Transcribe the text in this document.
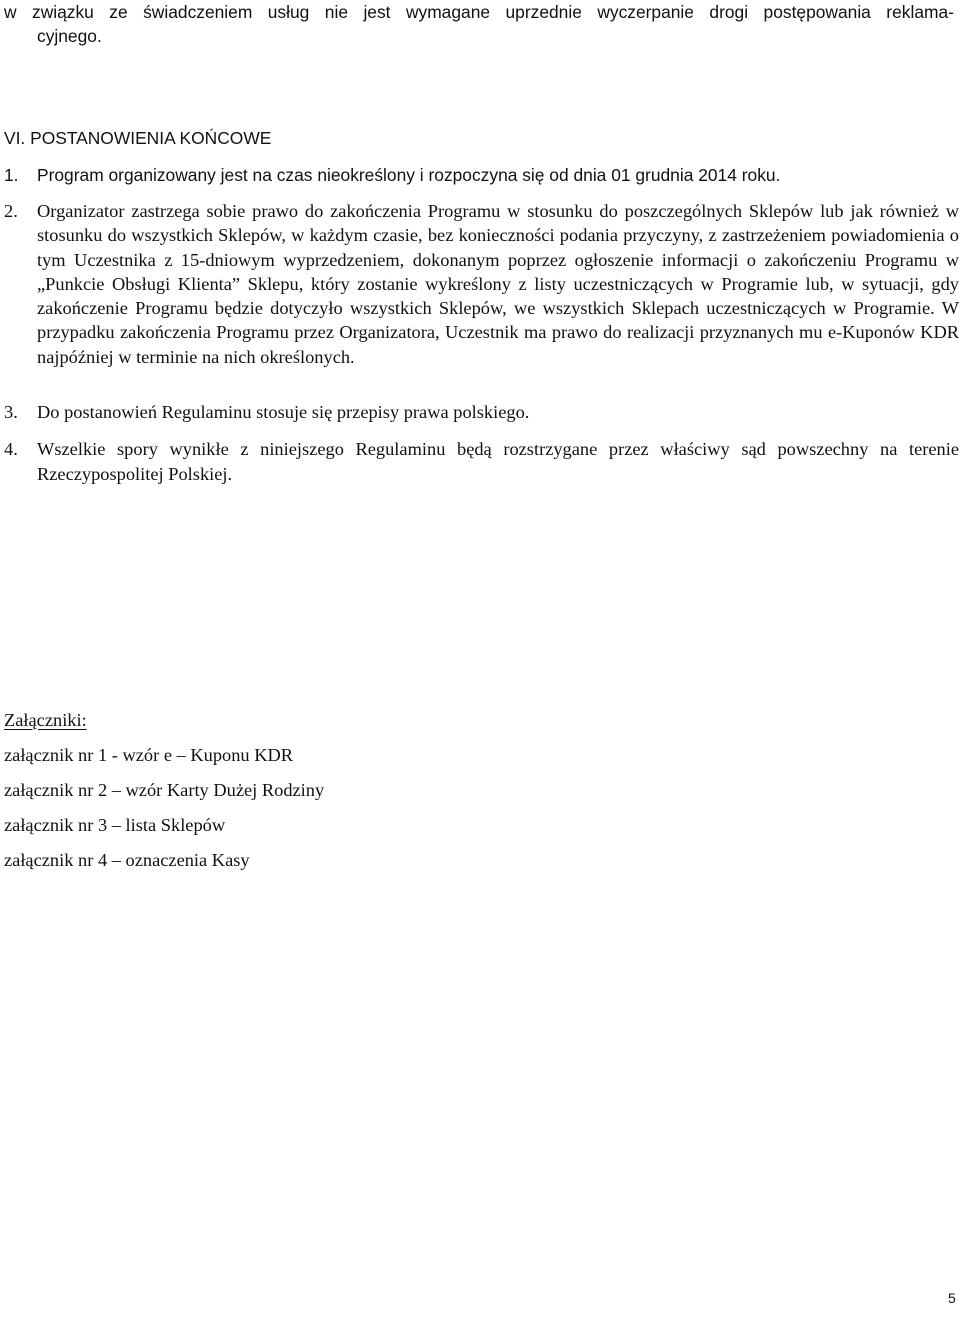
w związku ze świadczeniem usług nie jest wymagane uprzednie wyczerpanie drogi postępowania reklama-
cyjnego.
VI. POSTANOWIENIA KOŃCOWE
1. Program organizowany jest na czas nieokreślony i rozpoczyna się od dnia 01 grudnia 2014 roku.
2. Organizator zastrzega sobie prawo do zakończenia Programu w stosunku do poszczególnych Sklepów lub jak również w stosunku do wszystkich Sklepów, w każdym czasie, bez konieczności podania przyczyny, z zastrzeżeniem powiadomienia o tym Uczestnika z 15-dniowym wyprzedzeniem, dokonanym poprzez ogłoszenie informacji o zakończeniu Programu w „Punkcie Obsługi Klienta” Sklepu, który zostanie wykreślony z listy uczestniczących w Programie lub, w sytuacji, gdy zakończenie Programu będzie dotyczyło wszystkich Sklepów, we wszystkich Sklepach uczestniczących w Programie. W przypadku zakończenia Programu przez Organizatora, Uczestnik ma prawo do realizacji przyznanych mu e-Kuponów KDR najpóźniej w terminie na nich określonych.
3. Do postanowień Regulaminu stosuje się przepisy prawa polskiego.
4. Wszelkie spory wynikłe z niniejszego Regulaminu będą rozstrzygane przez właściwy sąd powszechny na terenie Rzeczypospolitej Polskiej.
Załączniki:
załącznik nr 1 - wzór e – Kuponu KDR
załącznik nr 2 – wzór Karty Dużej Rodziny
załącznik nr 3 – lista Sklepów
załącznik nr 4 – oznaczenia Kasy
5
